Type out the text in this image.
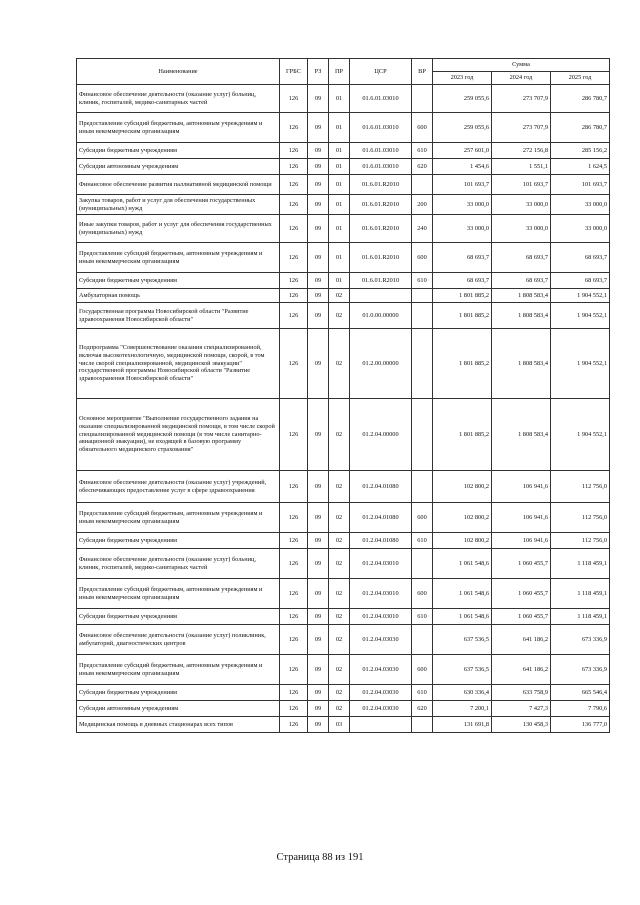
Наименование	ГРБС	РЗ	ПР	ЦСР	ВР	Сумма		
						2023 год	2024 год	2025 год
Финансовое обеспечение деятельности (оказание услуг) больниц, клиник, госпиталей, медико-санитарных частей	126	09	01	01.6.01.03010		259 055,6	273 707,9	286 780,7
Предоставление субсидий бюджетным, автономным учреждениям и иным некоммерческим организациям	126	09	01	01.6.01.03010	600	259 055,6	273 707,9	286 780,7
Субсидии бюджетным учреждениям	126	09	01	01.6.01.03010	610	257 601,0	272 156,8	285 156,2
Субсидии автономным учреждениям	126	09	01	01.6.01.03010	620	1 454,6	1 551,1	1 624,5
Финансовое обеспечение развития паллиативной медицинской помощи	126	09	01	01.6.01.R2010		101 693,7	101 693,7	101 693,7
Закупка товаров, работ и услуг для обеспечения государственных (муниципальных) нужд	126	09	01	01.6.01.R2010	200	33 000,0	33 000,0	33 000,0
Иные закупки товаров, работ и услуг для обеспечения государственных (муниципальных) нужд	126	09	01	01.6.01.R2010	240	33 000,0	33 000,0	33 000,0
Предоставление субсидий бюджетным, автономным учреждениям и иным некоммерческим организациям	126	09	01	01.6.01.R2010	600	68 693,7	68 693,7	68 693,7
Субсидии бюджетным учреждениям	126	09	01	01.6.01.R2010	610	68 693,7	68 693,7	68 693,7
Амбулаторная помощь	126	09	02			1 801 885,2	1 808 583,4	1 904 552,1
Государственная программа Новосибирской области "Развитие здравоохранения Новосибирской области"	126	09	02	01.0.00.00000		1 801 885,2	1 808 583,4	1 904 552,1
Подпрограмма "Совершенствование оказания специализированной, включая высокотехнологичную, медицинской помощи, скорой, в том числе скорой специализированной, медицинской эвакуации" государственной программы Новосибирской области "Развитие здравоохранения Новосибирской области"	126	09	02	01.2.00.00000		1 801 885,2	1 808 583,4	1 904 552,1
Основное мероприятие "Выполнение государственного задания на оказание специализированной медицинской помощи, в том числе скорой специализированной медицинской помощи (в том числе санитарно-авиационной эвакуации), не входящей в базовую программу обязательного медицинского страхования"	126	09	02	01.2.04.00000		1 801 885,2	1 808 583,4	1 904 552,1
Финансовое обеспечение деятельности (оказание услуг) учреждений, обеспечивающих предоставление услуг в сфере здравоохранения	126	09	02	01.2.04.01080		102 800,2	106 941,6	112 756,0
Предоставление субсидий бюджетным, автономным учреждениям и иным некоммерческим организациям	126	09	02	01.2.04.01080	600	102 800,2	106 941,6	112 756,0
Субсидии бюджетным учреждениям	126	09	02	01.2.04.01080	610	102 800,2	106 941,6	112 756,0
Финансовое обеспечение деятельности (оказание услуг) больниц, клиник, госпиталей, медико-санитарных частей	126	09	02	01.2.04.03010		1 061 548,6	1 060 455,7	1 118 459,1
Предоставление субсидий бюджетным, автономным учреждениям и иным некоммерческим организациям	126	09	02	01.2.04.03010	600	1 061 548,6	1 060 455,7	1 118 459,1
Субсидии бюджетным учреждениям	126	09	02	01.2.04.03010	610	1 061 548,6	1 060 455,7	1 118 459,1
Финансовое обеспечение деятельности (оказание услуг) поликлиник, амбулаторий, диагностических центров	126	09	02	01.2.04.03030		637 536,5	641 186,2	673 336,9
Предоставление субсидий бюджетным, автономным учреждениям и иным некоммерческим организациям	126	09	02	01.2.04.03030	600	637 536,5	641 186,2	673 336,9
Субсидии бюджетным учреждениям	126	09	02	01.2.04.03030	610	630 336,4	633 758,9	665 546,4
Субсидии автономным учреждениям	126	09	02	01.2.04.03030	620	7 200,1	7 427,3	7 790,6
Медицинская помощь в дневных стационарах всех типов	126	09	03			131 691,8	130 458,3	136 777,0
Страница 88 из 191
